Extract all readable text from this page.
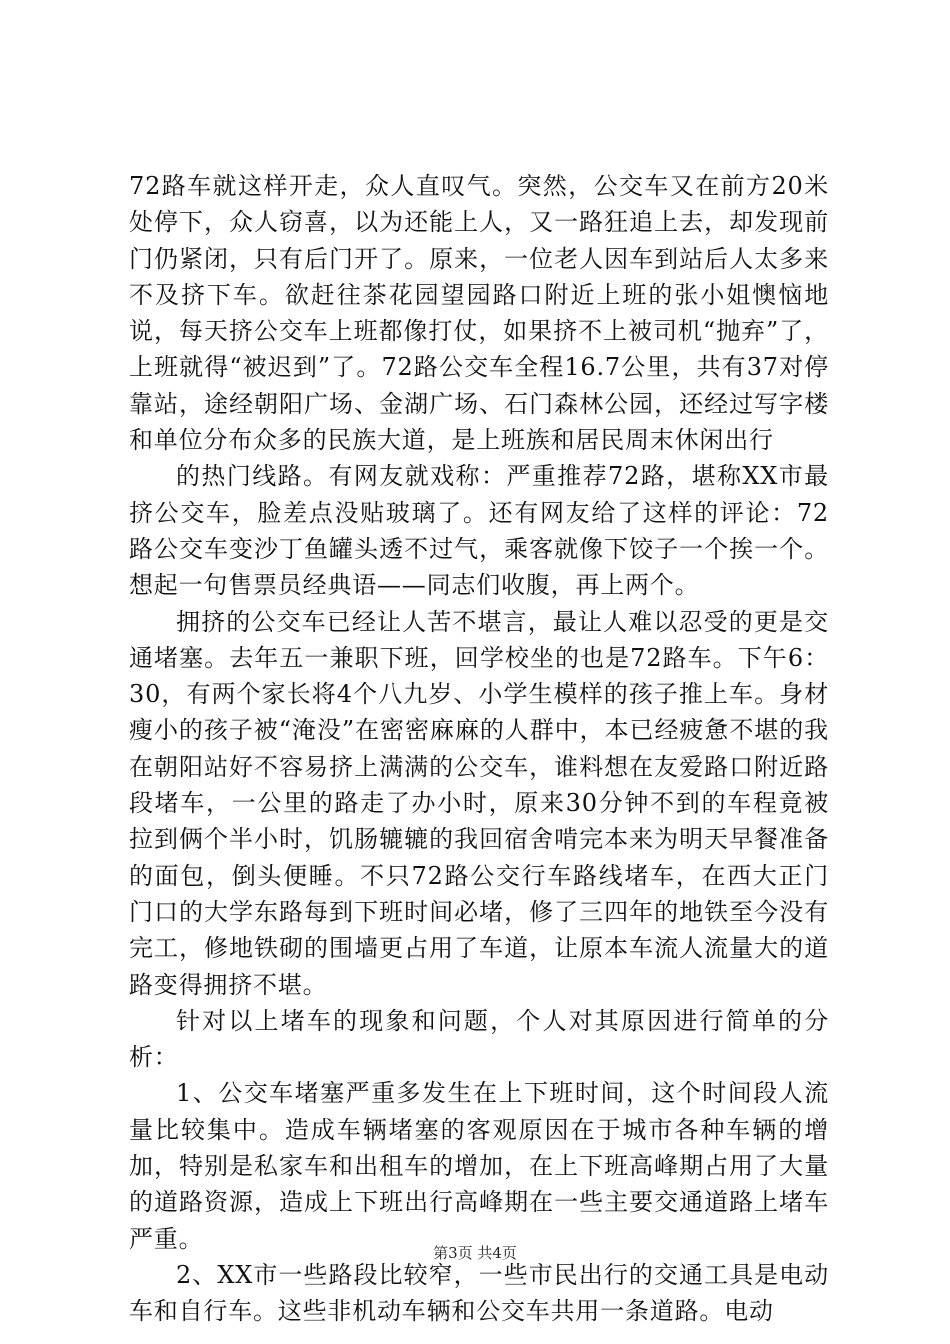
72路车就这样开走，众人直叹气。突然，公交车又在前方20米处停下，众人窃喜，以为还能上人，又一路狂追上去，却发现前门仍紧闭，只有后门开了。原来，一位老人因车到站后人太多来不及挤下车。欲赶往茶花园望园路口附近上班的张小姐懊恼地说，每天挤公交车上班都像打仗，如果挤不上被司机“抛弃”了，上班就得“被迟到”了。72路公交车全程16.7公里，共有37对停靠站，途经朝阳广场、金湖广场、石门森林公园，还经过写字楼和单位分布众多的民族大道，是上班族和居民周末休闲出行

的热门线路。有网友就戏称：严重推荐72路，堪称XX市最挤公交车，脸差点没贴玻璃了。还有网友给了这样的评论：72路公交车变沙丁鱼罐头透不过气，乘客就像下饺子一个挨一个。想起一句售票员经典语——同志们收腹，再上两个。

拥挤的公交车已经让人苦不堪言，最让人难以忍受的更是交通堵塞。去年五一兼职下班，回学校坐的也是72路车。下午6：30，有两个家长将4个八九岁、小学生模样的孩子推上车。身材瘦小的孩子被“淹没”在密密麻麻的人群中，本已经疲惫不堪的我在朝阳站好不容易挤上满满的公交车，谁料想在友爱路口附近路段堵车，一公里的路走了办小时，原来30分钟不到的车程竟被拉到俩个半小时，饥肠辘辘的我回宿舍啃完本来为明天早餐准备的面包，倒头便睡。不只72路公交行车路线堵车，在西大正门门口的大学东路每到下班时间必堵，修了三四年的地铁至今没有完工，修地铁砌的围墙更占用了车道，让原本车流人流量大的道路变得拥挤不堪。

针对以上堵车的现象和问题，个人对其原因进行简单的分析：

1、公交车堵塞严重多发生在上下班时间，这个时间段人流量比较集中。造成车辆堵塞的客观原因在于城市各种车辆的增加，特别是私家车和出租车的增加，在上下班高峰期占用了大量的道路资源，造成上下班出行高峰期在一些主要交通道路上堵车严重。

2、XX市一些路段比较窄，一些市民出行的交通工具是电动车和自行车。这些非机动车辆和公交车共用一条道路。电动

第3页 共4页
